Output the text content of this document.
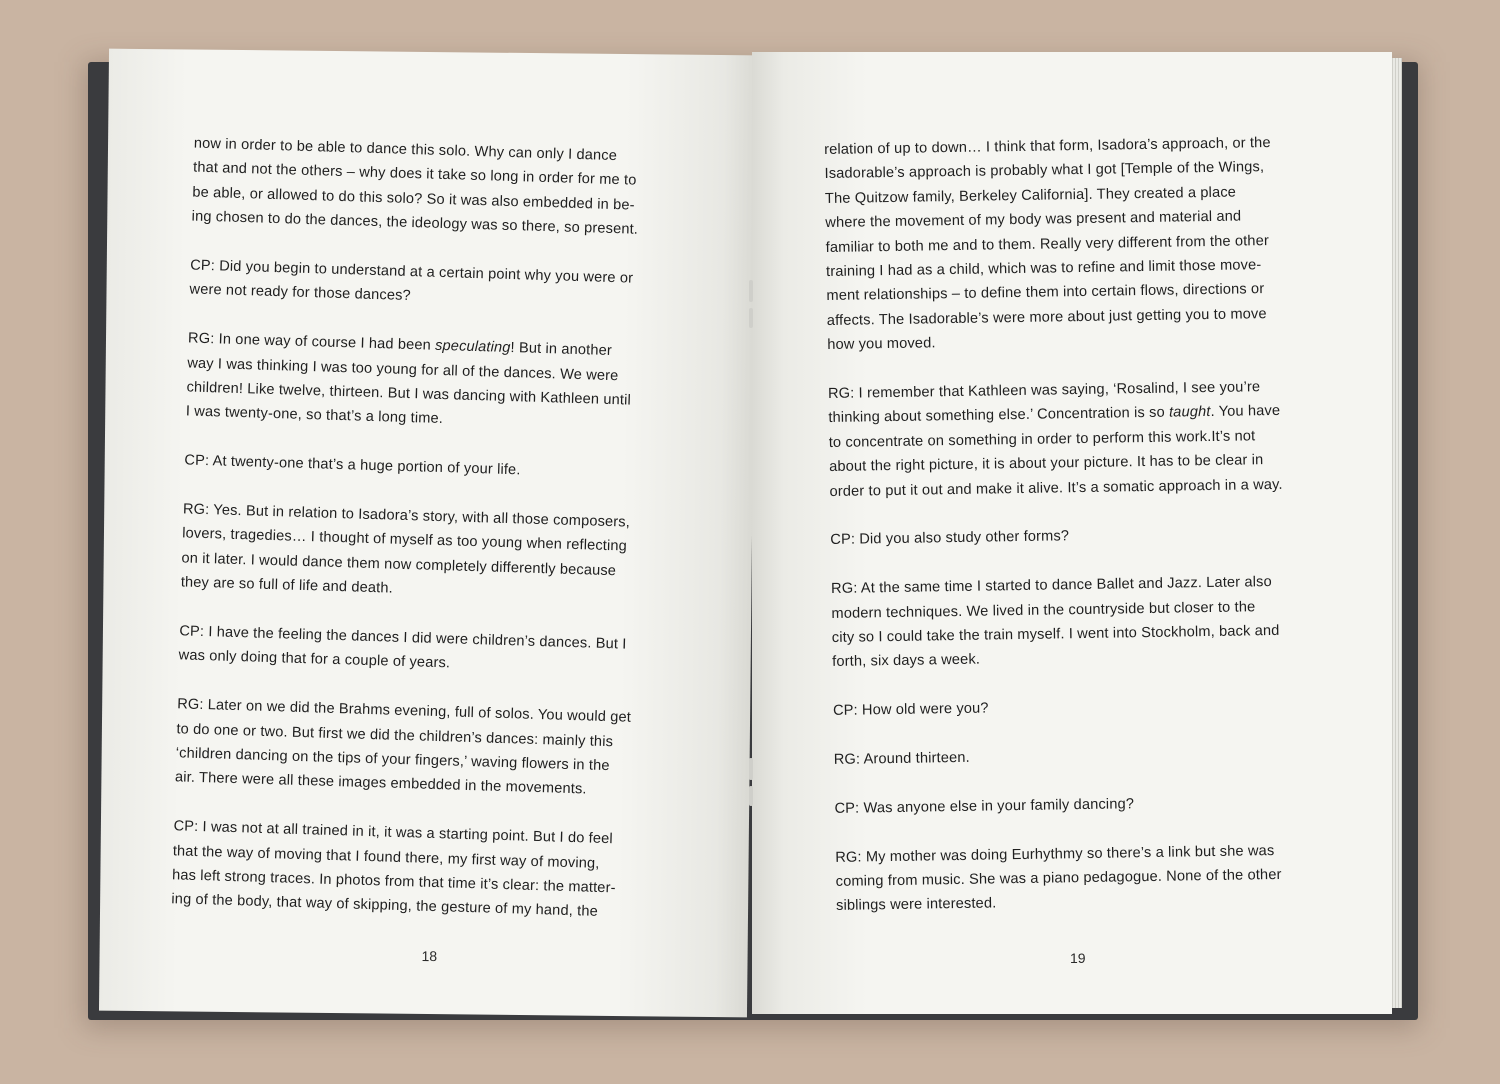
now in order to be able to dance this solo. Why can only I dance
that and not the others – why does it take so long in order for me to
be able, or allowed to do this solo? So it was also embedded in be-
ing chosen to do the dances, the ideology was so there, so present.
CP: Did you begin to understand at a certain point why you were or
were not ready for those dances?
RG: In one way of course I had been speculating! But in another
way I was thinking I was too young for all of the dances. We were
children! Like twelve, thirteen. But I was dancing with Kathleen until
I was twenty-one, so that’s a long time.
CP: At twenty-one that’s a huge portion of your life.
RG: Yes. But in relation to Isadora’s story, with all those composers,
lovers, tragedies… I thought of myself as too young when reflecting
on it later. I would dance them now completely differently because
they are so full of life and death.
CP: I have the feeling the dances I did were children’s dances. But I
was only doing that for a couple of years.
RG: Later on we did the Brahms evening, full of solos. You would get
to do one or two. But first we did the children’s dances: mainly this
‘children dancing on the tips of your fingers,’ waving flowers in the
air. There were all these images embedded in the movements.
CP: I was not at all trained in it, it was a starting point. But I do feel
that the way of moving that I found there, my first way of moving,
has left strong traces. In photos from that time it’s clear: the matter-
ing of the body, that way of skipping, the gesture of my hand, the
18
relation of up to down… I think that form, Isadora’s approach, or the
Isadorable’s approach is probably what I got [Temple of the Wings,
The Quitzow family, Berkeley California]. They created a place
where the movement of my body was present and material and
familiar to both me and to them. Really very different from the other
training I had as a child, which was to refine and limit those move-
ment relationships – to define them into certain flows, directions or
affects. The Isadorable’s were more about just getting you to move
how you moved.
RG: I remember that Kathleen was saying, ‘Rosalind, I see you’re
thinking about something else.’ Concentration is so taught. You have
to concentrate on something in order to perform this work.It’s not
about the right picture, it is about your picture. It has to be clear in
order to put it out and make it alive. It’s a somatic approach in a way.
CP: Did you also study other forms?
RG: At the same time I started to dance Ballet and Jazz. Later also
modern techniques. We lived in the countryside but closer to the
city so I could take the train myself. I went into Stockholm, back and
forth, six days a week.
CP: How old were you?
RG: Around thirteen.
CP: Was anyone else in your family dancing?
RG: My mother was doing Eurhythmy so there’s a link but she was
coming from music. She was a piano pedagogue. None of the other
siblings were interested.
19
